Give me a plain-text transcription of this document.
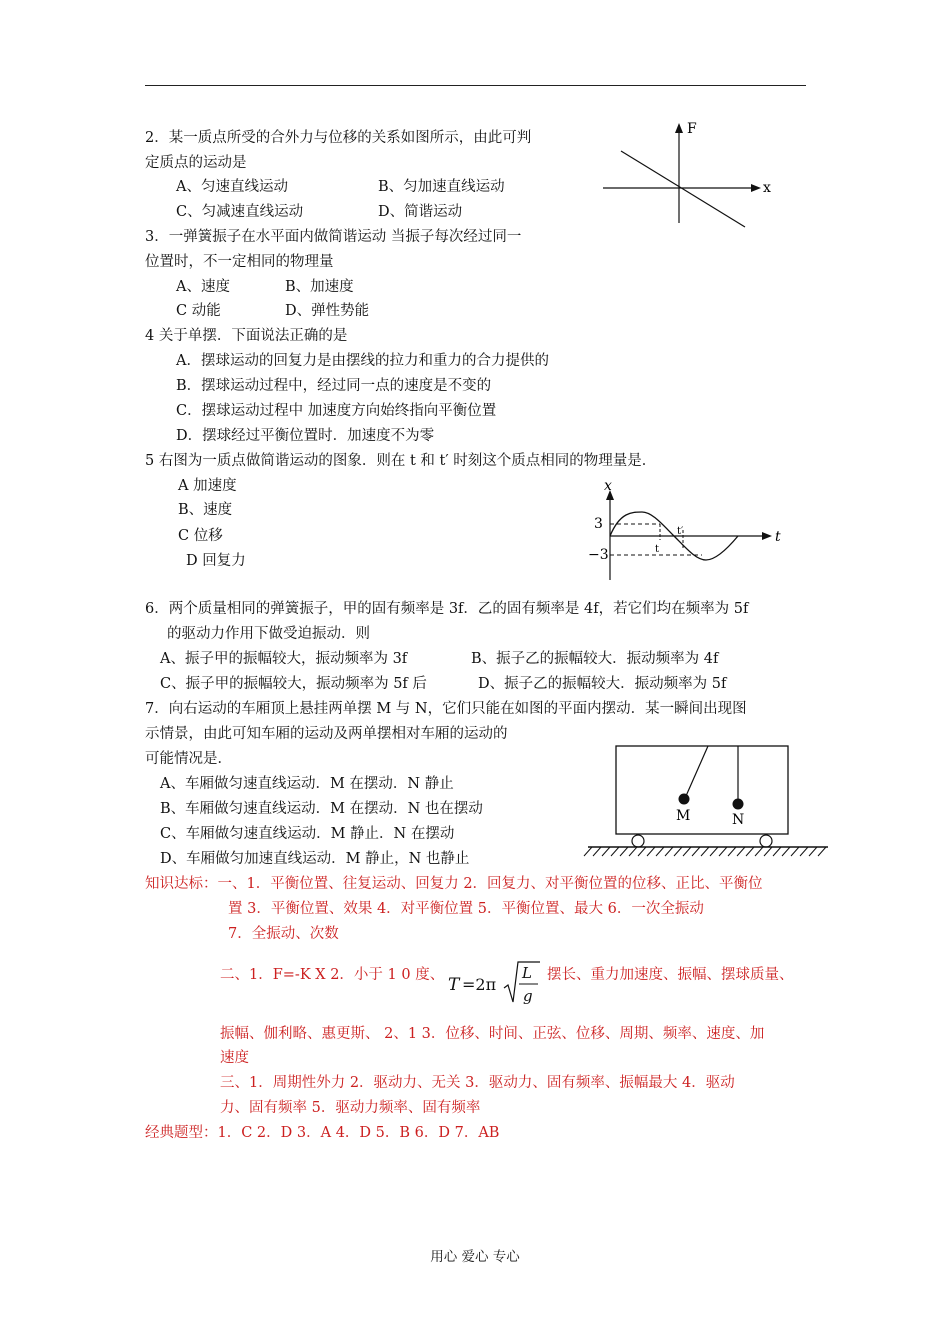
2．某一质点所受的合外力与位移的关系如图所示，由此可判
定质点的运动是
A、匀速直线运动	B、匀加速直线运动
C、匀减速直线运动	D、简谐运动
F
x
3．一弹簧振子在水平面内做简谐运动 当振子每次经过同一
位置时，不一定相同的物理量
A、速度	B、加速度
C 动能	D、弹性势能
4 关于单摆．下面说法正确的是
A．摆球运动的回复力是由摆线的拉力和重力的合力提供的
B．摆球运动过程中，经过同一点的速度是不变的
C．摆球运动过程中 加速度方向始终指向平衡位置
D．摆球经过平衡位置时．加速度不为零
5 右图为一质点做简谐运动的图象．则在 t 和 t′ 时刻这个质点相同的物理量是．
A 加速度
B、速度
C 位移
D 回复力
x
t
3
−3	t
t′
6．两个质量相同的弹簧振子，甲的固有频率是 3f．乙的固有频率是 4f，若它们均在频率为 5f
的驱动力作用下做受迫振动．则
A、振子甲的振幅较大，振动频率为 3f	B、振子乙的振幅较大．振动频率为 4f
C、振子甲的振幅较大，振动频率为 5f 后	D、振子乙的振幅较大．振动频率为 5f
7．向右运动的车厢顶上悬挂两单摆 M 与 N，它们只能在如图的平面内摆动．某一瞬间出现图
示情景，由此可知车厢的运动及两单摆相对车厢的运动的
可能情况是．
A、车厢做匀速直线运动．M 在摆动．N 静止
B、车厢做匀速直线运动．M 在摆动．N 也在摆动
C、车厢做匀速直线运动．M 静止．N 在摆动
D、车厢做匀加速直线运动．M 静止，N 也静止
M	N
知识达标：一、1．平衡位置、往复运动、回复力 2．回复力、对平衡位置的位移、正比、平衡位
置 3．平衡位置、效果 4．对平衡位置 5．平衡位置、最大 6．一次全振动
7．全振动、次数
二、1．F=-K X 2．小于 1 0 度、 T =2π
L
g
摆长、重力加速度、振幅、摆球质量、
振幅、伽利略、惠更斯、 2、1 3．位移、时间、正弦、位移、周期、频率、速度、加
速度
三、1．周期性外力 2．驱动力、无关 3．驱动力、固有频率、振幅最大 4．驱动
力、固有频率 5．驱动力频率、固有频率
经典题型：1．C 2．D 3．A 4．D 5．B 6．D 7．AB
用心 爱心 专心
